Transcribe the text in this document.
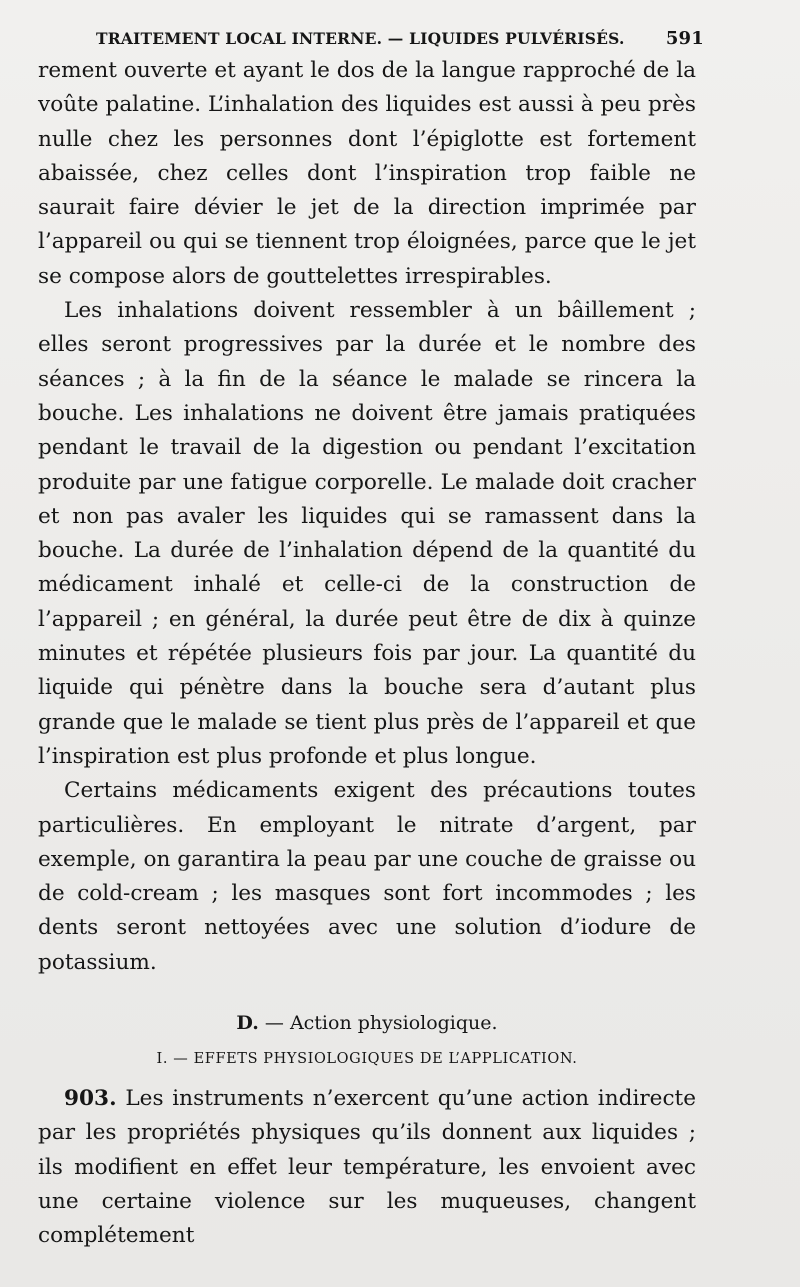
TRAITEMENT LOCAL INTERNE. — LIQUIDES PULVÉRISÉS. 591

rement ouverte et ayant le dos de la langue rapproché de la voûte palatine. L’inhalation des liquides est aussi à peu près nulle chez les personnes dont l’épiglotte est fortement abaissée, chez celles dont l’inspiration trop faible ne saurait faire dévier le jet de la direction imprimée par l’appareil ou qui se tiennent trop éloignées, parce que le jet se compose alors de gouttelettes irrespirables.

Les inhalations doivent ressembler à un bâillement ; elles seront progressives par la durée et le nombre des séances ; à la fin de la séance le malade se rincera la bouche. Les inhalations ne doivent être jamais pratiquées pendant le travail de la digestion ou pendant l’excitation produite par une fatigue corporelle. Le malade doit cracher et non pas avaler les liquides qui se ramassent dans la bouche. La durée de l’inhalation dépend de la quantité du médicament inhalé et celle-ci de la construction de l’appareil ; en général, la durée peut être de dix à quinze minutes et répétée plusieurs fois par jour. La quantité du liquide qui pénètre dans la bouche sera d’autant plus grande que le malade se tient plus près de l’appareil et que l’inspiration est plus profonde et plus longue.

Certains médicaments exigent des précautions toutes particulières. En employant le nitrate d’argent, par exemple, on garantira la peau par une couche de graisse ou de cold-cream ; les masques sont fort incommodes ; les dents seront nettoyées avec une solution d’iodure de potassium.

D. — Action physiologique.
I. — EFFETS PHYSIOLOGIQUES DE L’APPLICATION.

903. Les instruments n’exercent qu’une action indirecte par les propriétés physiques qu’ils donnent aux liquides ; ils modifient en effet leur température, les envoient avec une certaine violence sur les muqueuses, changent complétement
